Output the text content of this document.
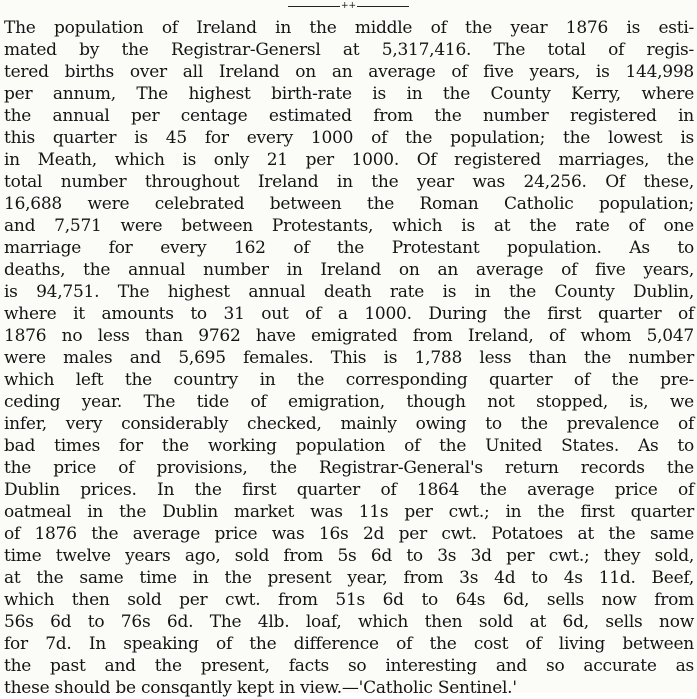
++

The population of Ireland in the middle of the year 1876 is esti-
mated by the Registrar-Genersl at 5,317,416. The total of regis-
tered births over all Ireland on an average of five years, is 144,998
per annum, The highest birth-rate is in the County Kerry, where
the annual per centage estimated from the number registered in
this quarter is 45 for every 1000 of the population; the lowest is
in Meath, which is only 21 per 1000. Of registered marriages, the
total number throughout Ireland in the year was 24,256. Of these,
16,688 were celebrated between the Roman Catholic population;
and 7,571 were between Protestants, which is at the rate of one
marriage for every 162 of the Protestant population. As to
deaths, the annual number in Ireland on an average of five years,
is 94,751. The highest annual death rate is in the County Dublin,
where it amounts to 31 out of a 1000. During the first quarter of
1876 no less than 9762 have emigrated from Ireland, of whom 5,047
were males and 5,695 females. This is 1,788 less than the number
which left the country in the corresponding quarter of the pre-
ceding year. The tide of emigration, though not stopped, is, we
infer, very considerably checked, mainly owing to the prevalence of
bad times for the working population of the United States. As to
the price of provisions, the Registrar-General's return records the
Dublin prices. In the first quarter of 1864 the average price of
oatmeal in the Dublin market was 11s per cwt.; in the first quarter
of 1876 the average price was 16s 2d per cwt. Potatoes at the same
time twelve years ago, sold from 5s 6d to 3s 3d per cwt.; they sold,
at the same time in the present year, from 3s 4d to 4s 11d. Beef,
which then sold per cwt. from 51s 6d to 64s 6d, sells now from
56s 6d to 76s 6d. The 4lb. loaf, which then sold at 6d, sells now
for 7d. In speaking of the difference of the cost of living between
the past and the present, facts so interesting and so accurate as
these should be consqantly kept in view.—'Catholic Sentinel.'
